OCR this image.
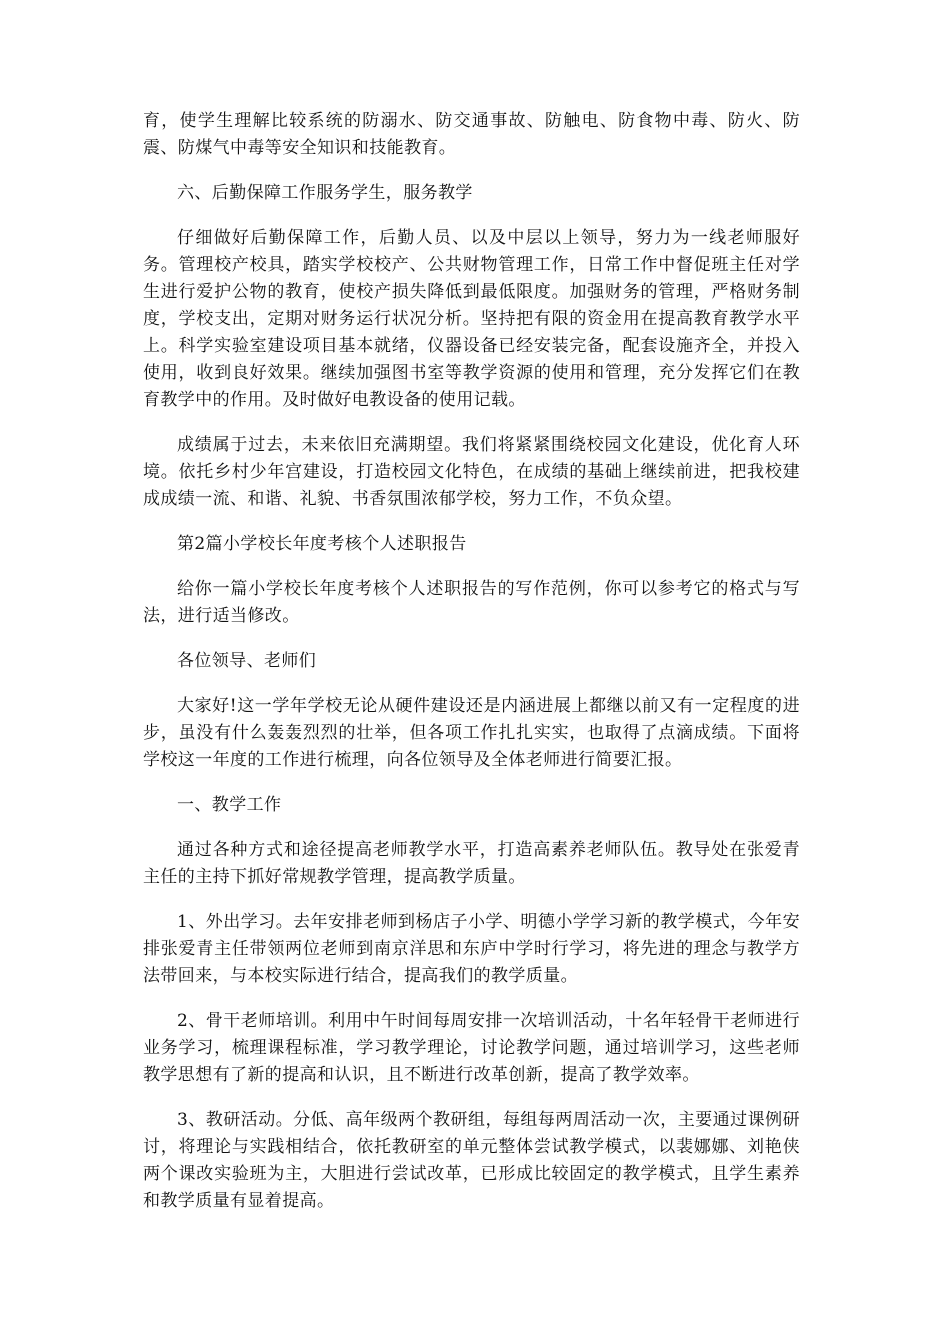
育，使学生理解比较系统的防溺水、防交通事故、防触电、防食物中毒、防火、防震、防煤气中毒等安全知识和技能教育。

六、后勤保障工作服务学生，服务教学

仔细做好后勤保障工作，后勤人员、以及中层以上领导，努力为一线老师服好务。管理校产校具，踏实学校校产、公共财物管理工作，日常工作中督促班主任对学生进行爱护公物的教育，使校产损失降低到最低限度。加强财务的管理，严格财务制度，学校支出，定期对财务运行状况分析。坚持把有限的资金用在提高教育教学水平上。科学实验室建设项目基本就绪，仪器设备已经安装完备，配套设施齐全，并投入使用，收到良好效果。继续加强图书室等教学资源的使用和管理，充分发挥它们在教育教学中的作用。及时做好电教设备的使用记载。

成绩属于过去，未来依旧充满期望。我们将紧紧围绕校园文化建设，优化育人环境。依托乡村少年宫建设，打造校园文化特色，在成绩的基础上继续前进，把我校建成成绩一流、和谐、礼貌、书香氛围浓郁学校，努力工作，不负众望。

第2篇小学校长年度考核个人述职报告

给你一篇小学校长年度考核个人述职报告的写作范例，你可以参考它的格式与写法，进行适当修改。

各位领导、老师们

大家好!这一学年学校无论从硬件建设还是内涵进展上都继以前又有一定程度的进步，虽没有什么轰轰烈烈的壮举，但各项工作扎扎实实，也取得了点滴成绩。下面将学校这一年度的工作进行梳理，向各位领导及全体老师进行简要汇报。

一、教学工作

通过各种方式和途径提高老师教学水平，打造高素养老师队伍。教导处在张爱青主任的主持下抓好常规教学管理，提高教学质量。

1、外出学习。去年安排老师到杨店子小学、明德小学学习新的教学模式，今年安排张爱青主任带领两位老师到南京洋思和东庐中学时行学习，将先进的理念与教学方法带回来，与本校实际进行结合，提高我们的教学质量。

2、骨干老师培训。利用中午时间每周安排一次培训活动，十名年轻骨干老师进行业务学习，梳理课程标准，学习教学理论，讨论教学问题，通过培训学习，这些老师教学思想有了新的提高和认识，且不断进行改革创新，提高了教学效率。

3、教研活动。分低、高年级两个教研组，每组每两周活动一次，主要通过课例研讨，将理论与实践相结合，依托教研室的单元整体尝试教学模式，以裴娜娜、刘艳侠两个课改实验班为主，大胆进行尝试改革，已形成比较固定的教学模式，且学生素养和教学质量有显着提高。
